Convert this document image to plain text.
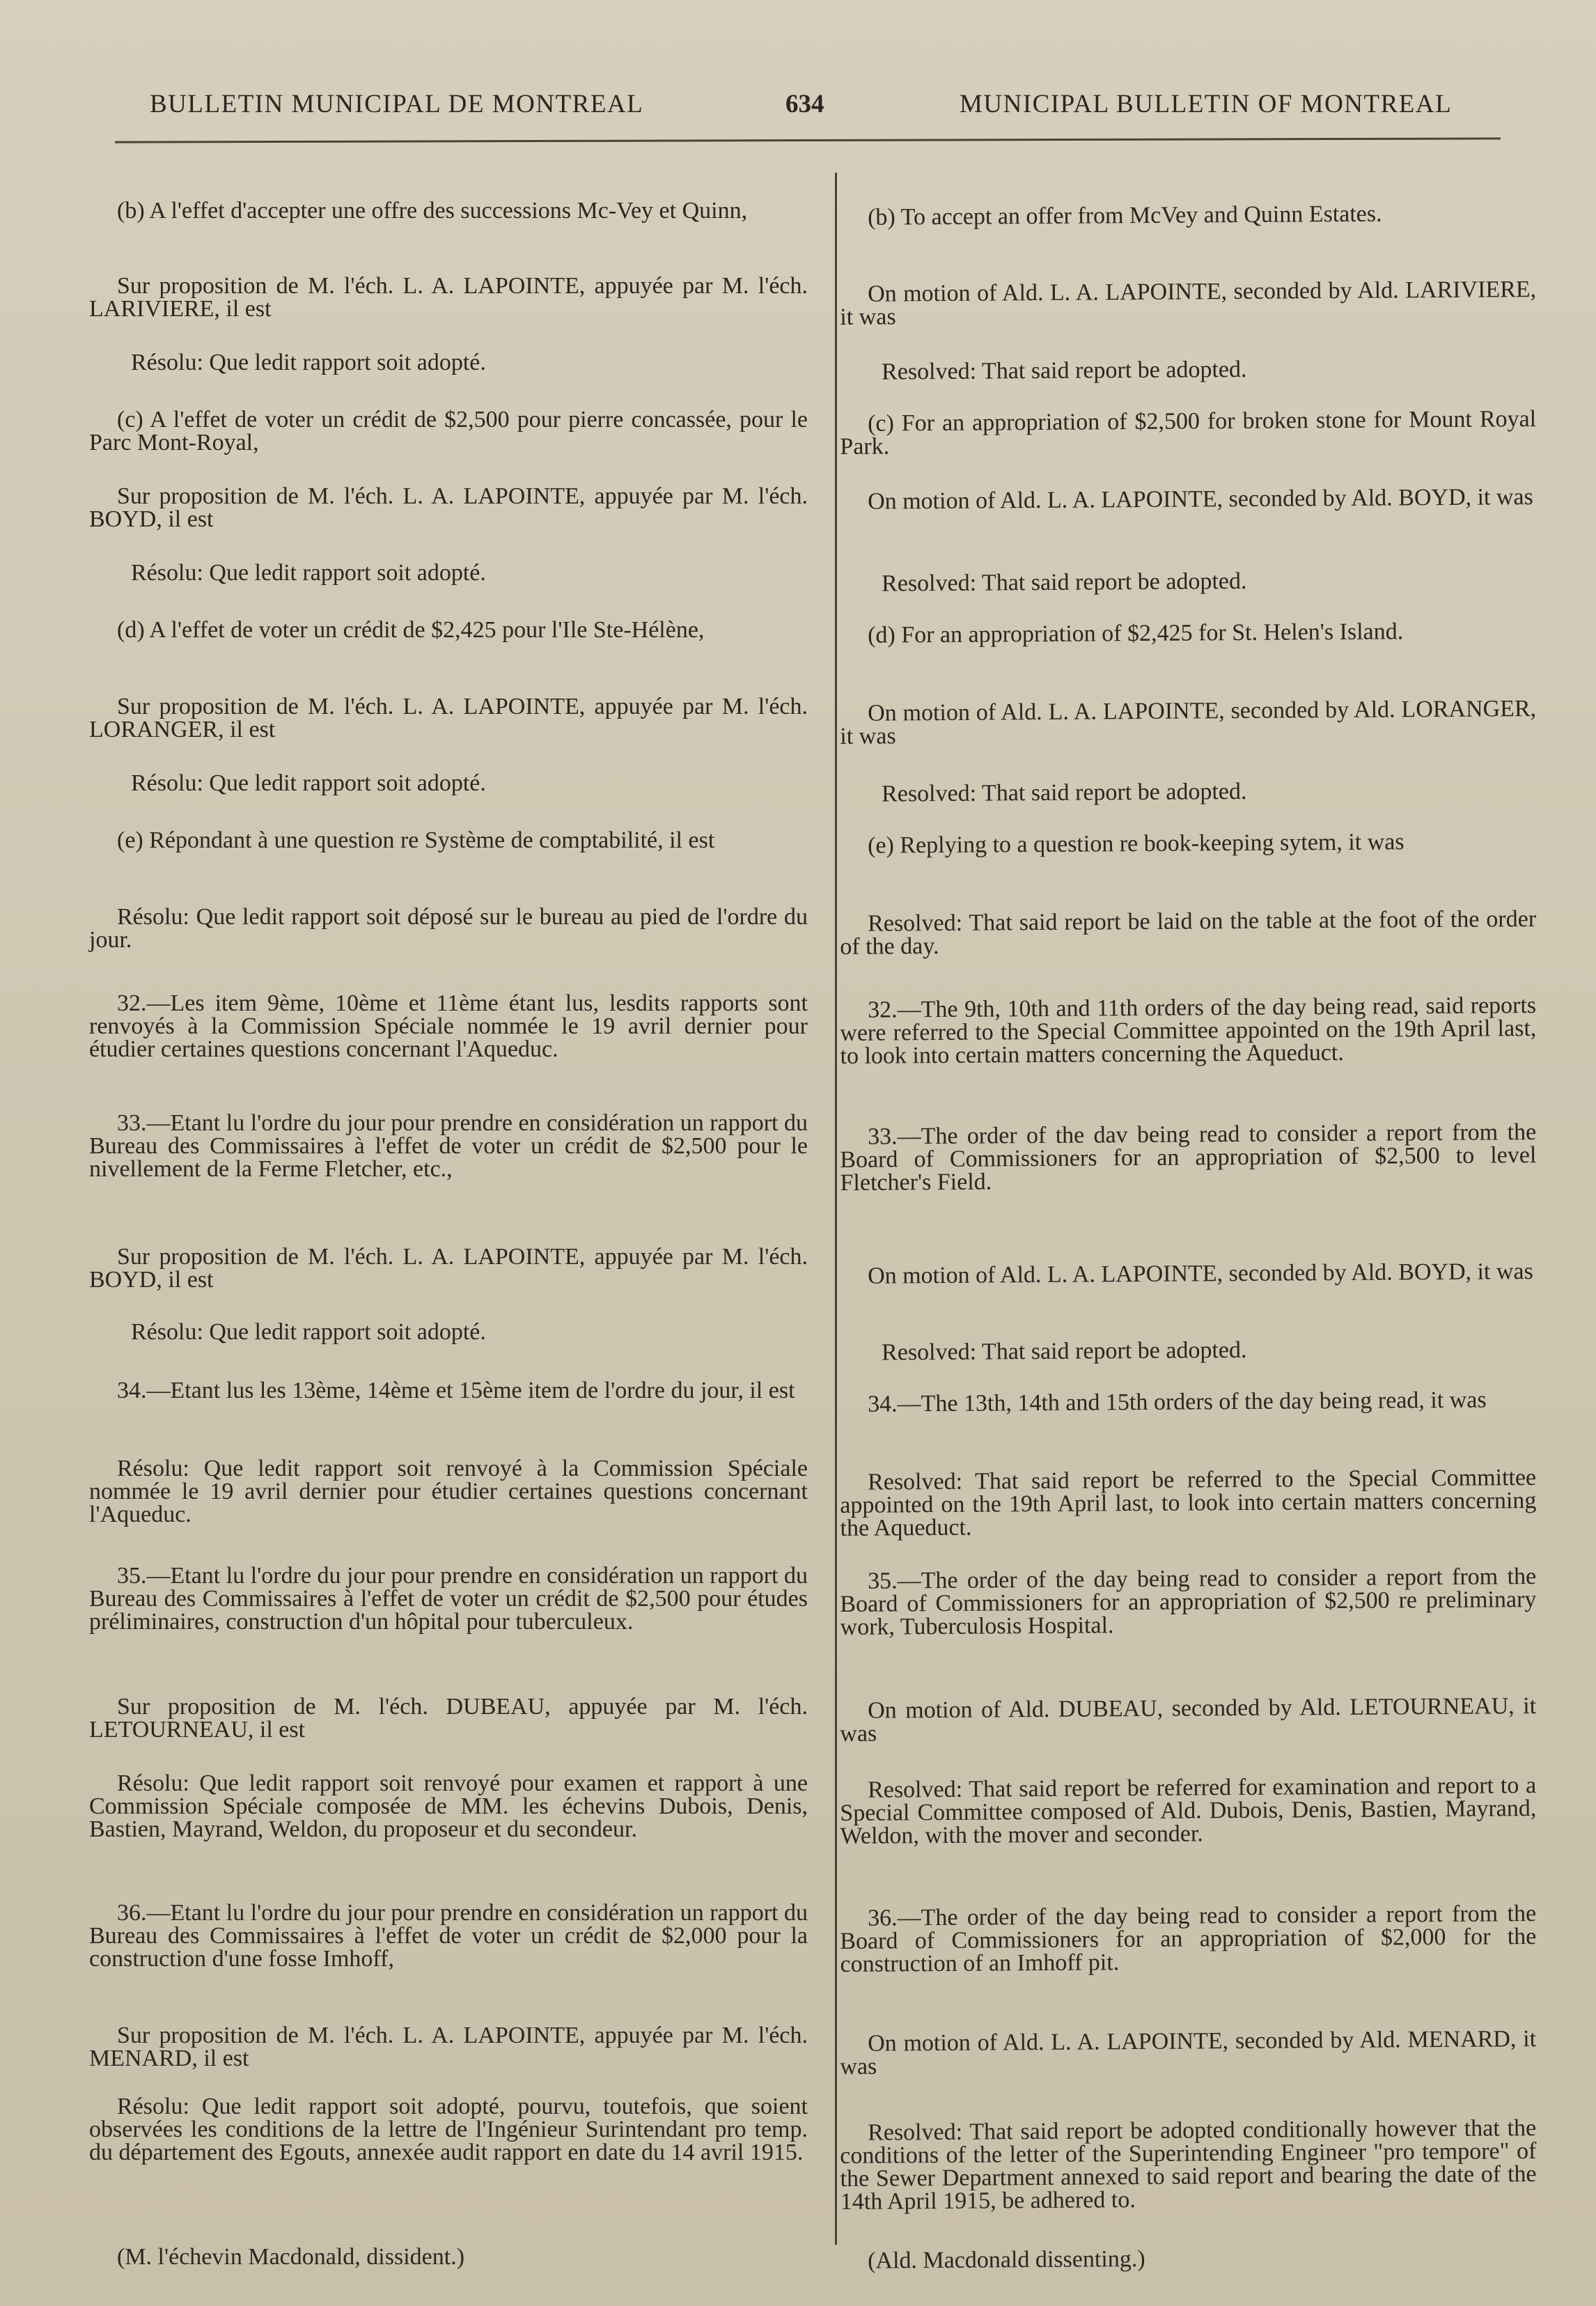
BULLETIN MUNICIPAL DE MONTREAL	634	MUNICIPAL BULLETIN OF MONTREAL

(b) A l'effet d'accepter une offre des successions Mc-Vey et Quinn,

Sur proposition de M. l'éch. L. A. LAPOINTE, appuyée par M. l'éch. LARIVIERE, il est

Résolu: Que ledit rapport soit adopté.

(c) A l'effet de voter un crédit de $2,500 pour pierre concassée, pour le Parc Mont-Royal,

Sur proposition de M. l'éch. L. A. LAPOINTE, appuyée par M. l'éch. BOYD, il est

Résolu: Que ledit rapport soit adopté.

(d) A l'effet de voter un crédit de $2,425 pour l'Ile Ste-Hélène,

Sur proposition de M. l'éch. L. A. LAPOINTE, appuyée par M. l'éch. LORANGER, il est

Résolu: Que ledit rapport soit adopté.

(e) Répondant à une question re Système de comptabilité, il est

Résolu: Que ledit rapport soit déposé sur le bureau au pied de l'ordre du jour.

32.—Les item 9ème, 10ème et 11ème étant lus, lesdits rapports sont renvoyés à la Commission Spéciale nommée le 19 avril dernier pour étudier certaines questions concernant l'Aqueduc.

33.—Etant lu l'ordre du jour pour prendre en considération un rapport du Bureau des Commissaires à l'effet de voter un crédit de $2,500 pour le nivellement de la Ferme Fletcher, etc.,

Sur proposition de M. l'éch. L. A. LAPOINTE, appuyée par M. l'éch. BOYD, il est

Résolu: Que ledit rapport soit adopté.

34.—Etant lus les 13ème, 14ème et 15ème item de l'ordre du jour, il est

Résolu: Que ledit rapport soit renvoyé à la Commission Spéciale nommée le 19 avril dernier pour étudier certaines questions concernant l'Aqueduc.

35.—Etant lu l'ordre du jour pour prendre en considération un rapport du Bureau des Commissaires à l'effet de voter un crédit de $2,500 pour études préliminaires, construction d'un hôpital pour tuberculeux.

Sur proposition de M. l'éch. DUBEAU, appuyée par M. l'éch. LETOURNEAU, il est

Résolu: Que ledit rapport soit renvoyé pour examen et rapport à une Commission Spéciale composée de MM. les échevins Dubois, Denis, Bastien, Mayrand, Weldon, du proposeur et du secondeur.

36.—Etant lu l'ordre du jour pour prendre en considération un rapport du Bureau des Commissaires à l'effet de voter un crédit de $2,000 pour la construction d'une fosse Imhoff,

Sur proposition de M. l'éch. L. A. LAPOINTE, appuyée par M. l'éch. MENARD, il est

Résolu: Que ledit rapport soit adopté, pourvu, toutefois, que soient observées les conditions de la lettre de l'Ingénieur Surintendant pro temp. du département des Egouts, annexée audit rapport en date du 14 avril 1915.

(M. l'échevin Macdonald, dissident.)

(b) To accept an offer from McVey and Quinn Estates.

On motion of Ald. L. A. LAPOINTE, seconded by Ald. LARIVIERE, it was

Resolved: That said report be adopted.

(c) For an appropriation of $2,500 for broken stone for Mount Royal Park.

On motion of Ald. L. A. LAPOINTE, seconded by Ald. BOYD, it was

Resolved: That said report be adopted.

(d) For an appropriation of $2,425 for St. Helen's Island.

On motion of Ald. L. A. LAPOINTE, seconded by Ald. LORANGER, it was

Resolved: That said report be adopted.

(e) Replying to a question re book-keeping sytem, it was

Resolved: That said report be laid on the table at the foot of the order of the day.

32.—The 9th, 10th and 11th orders of the day being read, said reports were referred to the Special Committee appointed on the 19th April last, to look into certain matters concerning the Aqueduct.

33.—The order of the dav being read to consider a report from the Board of Commissioners for an appropriation of $2,500 to level Fletcher's Field.

On motion of Ald. L. A. LAPOINTE, seconded by Ald. BOYD, it was

Resolved: That said report be adopted.

34.—The 13th, 14th and 15th orders of the day being read, it was

Resolved: That said report be referred to the Special Committee appointed on the 19th April last, to look into certain matters concerning the Aqueduct.

35.—The order of the day being read to consider a report from the Board of Commissioners for an appropriation of $2,500 re preliminary work, Tuberculosis Hospital.

On motion of Ald. DUBEAU, seconded by Ald. LETOURNEAU, it was

Resolved: That said report be referred for examination and report to a Special Committee composed of Ald. Dubois, Denis, Bastien, Mayrand, Weldon, with the mover and seconder.

36.—The order of the day being read to consider a report from the Board of Commissioners for an appropriation of $2,000 for the construction of an Imhoff pit.

On motion of Ald. L. A. LAPOINTE, seconded by Ald. MENARD, it was

Resolved: That said report be adopted conditionally however that the conditions of the letter of the Superintending Engineer "pro tempore" of the Sewer Department annexed to said report and bearing the date of the 14th April 1915, be adhered to.

(Ald. Macdonald dissenting.)
